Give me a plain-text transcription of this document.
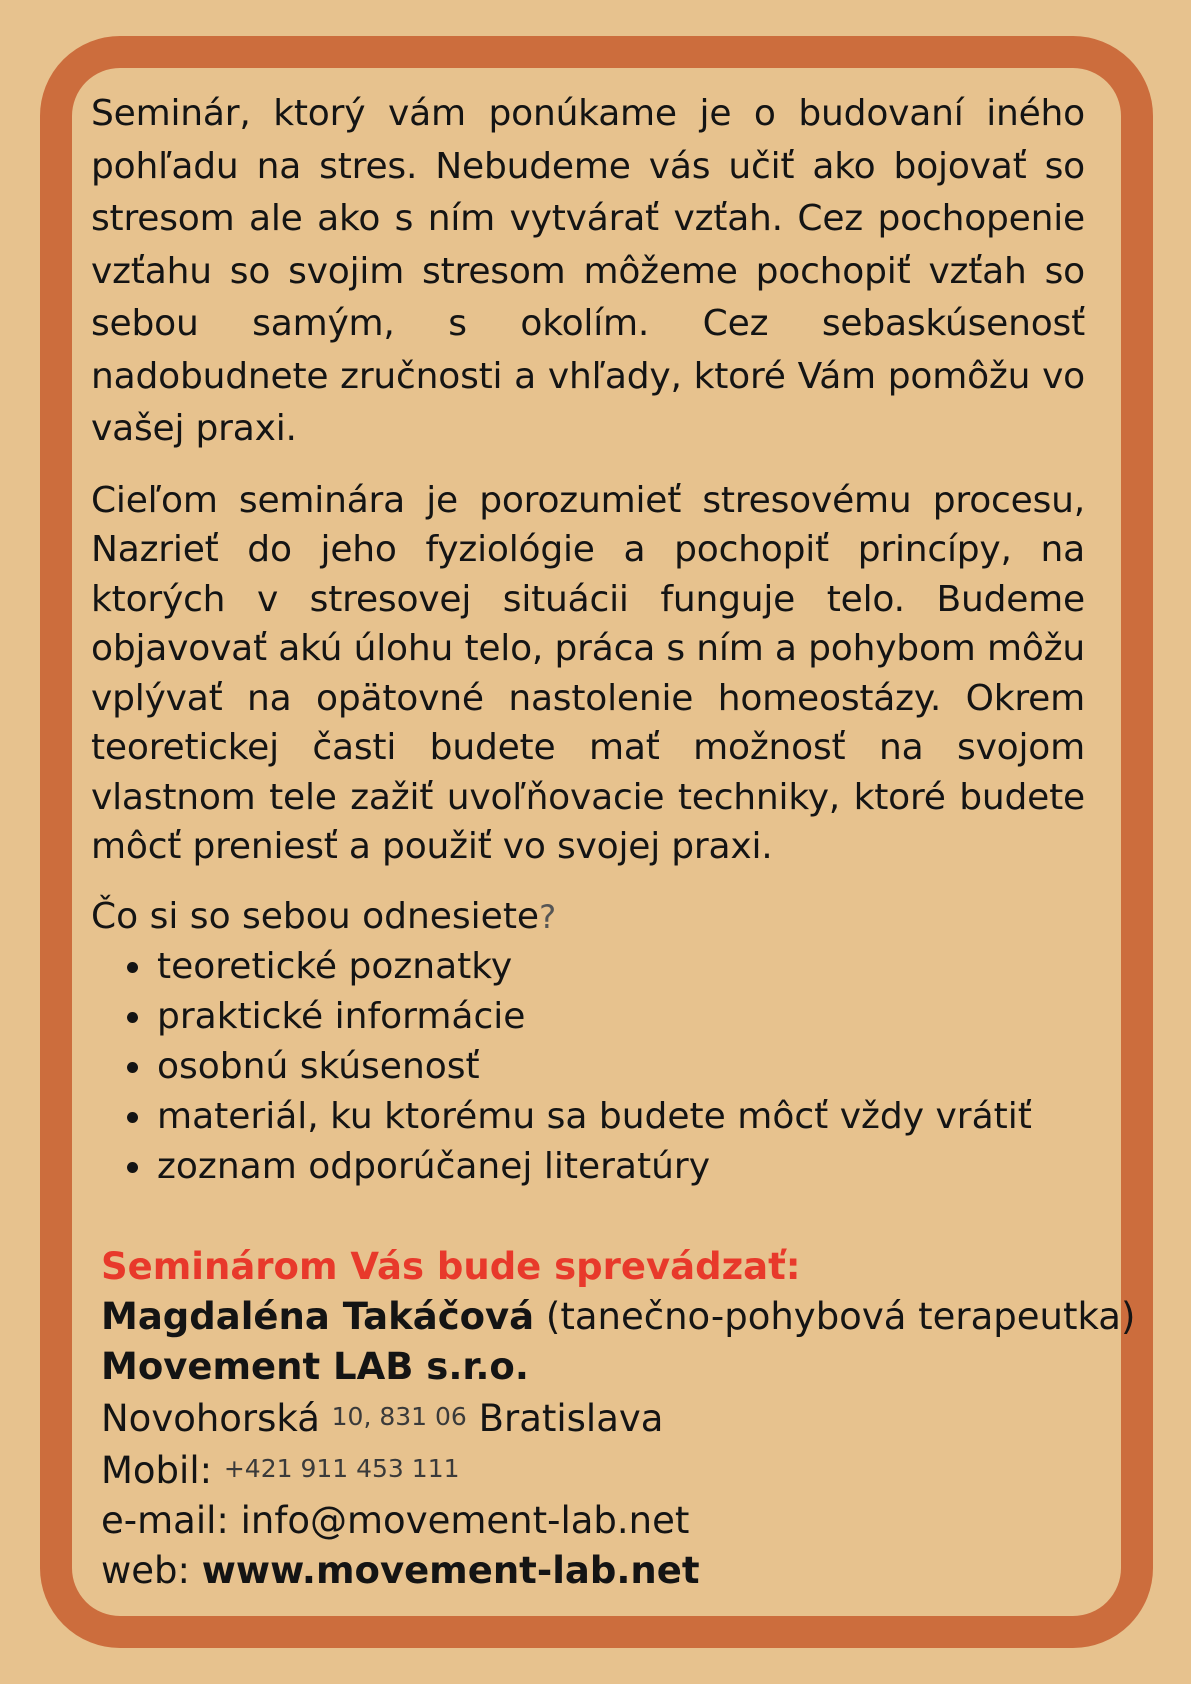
Seminár, ktorý vám ponúkame je o budovaní iného pohľadu na stres. Nebudeme vás učiť ako bojovať so stresom ale ako s ním vytvárať vzťah. Cez pochopenie vzťahu so svojim stresom môžeme pochopiť vzťah so sebou samým, s okolím. Cez sebaskúsenosť nadobudnete zručnosti a vhľady, ktoré Vám pomôžu vo vašej praxi.

Cieľom seminára je porozumieť stresovému procesu, Nazrieť do jeho fyziológie a pochopiť princípy, na ktorých v stresovej situácii funguje telo. Budeme objavovať akú úlohu telo, práca s ním a pohybom môžu vplývať na opätovné nastolenie homeostázy. Okrem teoretickej časti budete mať možnosť na svojom vlastnom tele zažiť uvoľňovacie techniky, ktoré budete môcť preniesť a použiť vo svojej praxi.

Čo si so sebou odnesiete?

• teoretické poznatky
• praktické informácie
• osobnú skúsenosť
• materiál, ku ktorému sa budete môcť vždy vrátiť
• zoznam odporúčanej literatúry
Seminárom Vás bude sprevádzať:
Magdaléna Takáčová (tanečno-pohybová terapeutka)
Movement LAB s.r.o.
Novohorská 10, 831 06 Bratislava
Mobil: +421 911 453 111
e-mail: info@movement-lab.net
web: www.movement-lab.net
